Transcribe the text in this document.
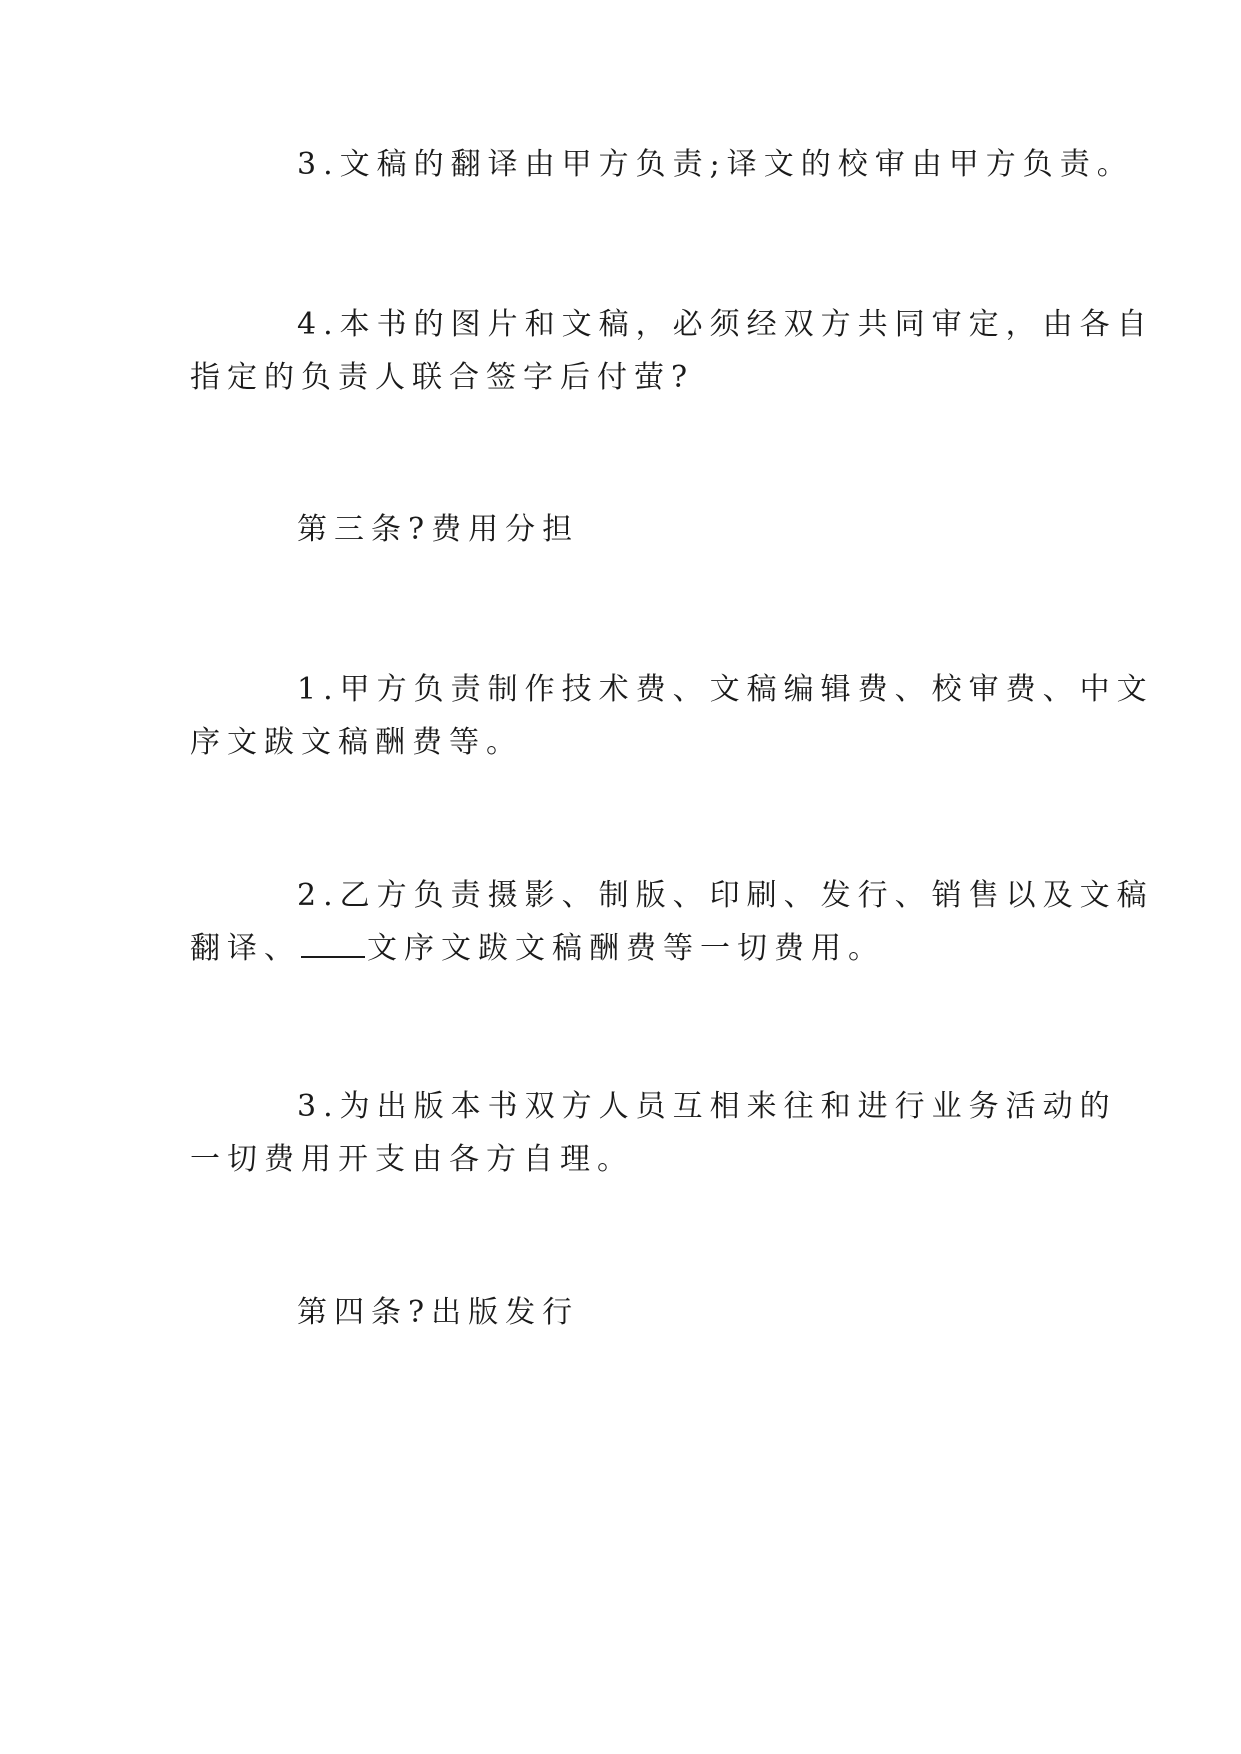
3.文稿的翻译由甲方负责;译文的校审由甲方负责。
4.本书的图片和文稿，必须经双方共同审定，由各自
指定的负责人联合签字后付萤?
第三条?费用分担
1.甲方负责制作技术费、文稿编辑费、校审费、中文
序文跋文稿酬费等。
2.乙方负责摄影、制版、印刷、发行、销售以及文稿
翻译、 文序文跋文稿酬费等一切费用。
3.为出版本书双方人员互相来往和进行业务活动的
一切费用开支由各方自理。
第四条?出版发行
